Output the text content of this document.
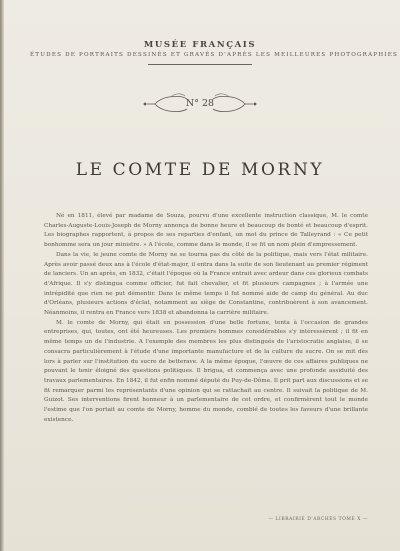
MUSÉE FRANÇAIS
ÉTUDES DE PORTRAITS DESSINÉS ET GRAVÉS D'APRÈS LES MEILLEURES PHOTOGRAPHIES
N° 28
LE COMTE DE MORNY

Né en 1811, élevé par madame de Souza, pourvu d'une excellente instruction classique, M. le comte Charles-Auguste-Louis-Joseph de Morny annonça de bonne heure et beaucoup de bonté et beaucoup d'esprit. Les biographes rapportent, à propos de ses reparties d'enfant, un mot du prince de Talleyrand : « Ce petit bonhomme sera un jour ministre. » A l'école, comme dans le monde, il se fit un nom plein d'empressement.

Dans la vie, le jeune comte de Morny ne se tourna pas du côté de la politique, mais vers l'état militaire. Après avoir passé deux ans à l'école d'état-major, il entra dans la suite de son lieutenant au premier régiment de lanciers. Un an après, en 1832, c'était l'époque où la France entrait avec ardeur dans ces glorieux combats d'Afrique. Il s'y distingua comme officier, fut fait chevalier, et fit plusieurs campagnes ; à l'armée une intrépidité que rien ne put démentir. Dans le même temps il fut nommé aide de camp du général. Au duc d'Orléans, plusieurs actions d'éclat, notamment au siège de Constantine, contribuèrent à son avancement. Néanmoins, il rentra en France vers 1838 et abandonna la carrière militaire.

M. le comte de Morny, qui était en possession d'une belle fortune, tenta à l'occasion de grandes entreprises, qui, toutes, ont été heureuses. Les premiers hommes considérables s'y intéressèrent ; il fit en même temps un de l'industrie. A l'exemple des membres les plus distingués de l'aristocratie anglaise, il se consacra particulièrement à l'étude d'une importante manufacture et de la culture du sucre. On se mit dès lors à parler sur l'institution du sucre de betterave. A la même époque, l'œuvre de ces affaires publiques ne pouvant le tenir éloigné des questions politiques. Il brigua, et commença avec une profonde assiduité des travaux parlementaires. En 1842, il fut enfin nommé député du Puy-de-Dôme. Il prit part aux discussions et se fit remarquer parmi les représentants d'une opinion qui se rattachait au centre. Il suivait la politique de M. Guizot. Ses interventions firent honneur à un parlementaire de cet ordre, et confirmèrent tout le monde l'estime que l'on portait au comte de Morny, homme du monde, comblé de toutes les faveurs d'une brillante existence.

— LIBRAIRIE D'ARCHÈS TOME X —
